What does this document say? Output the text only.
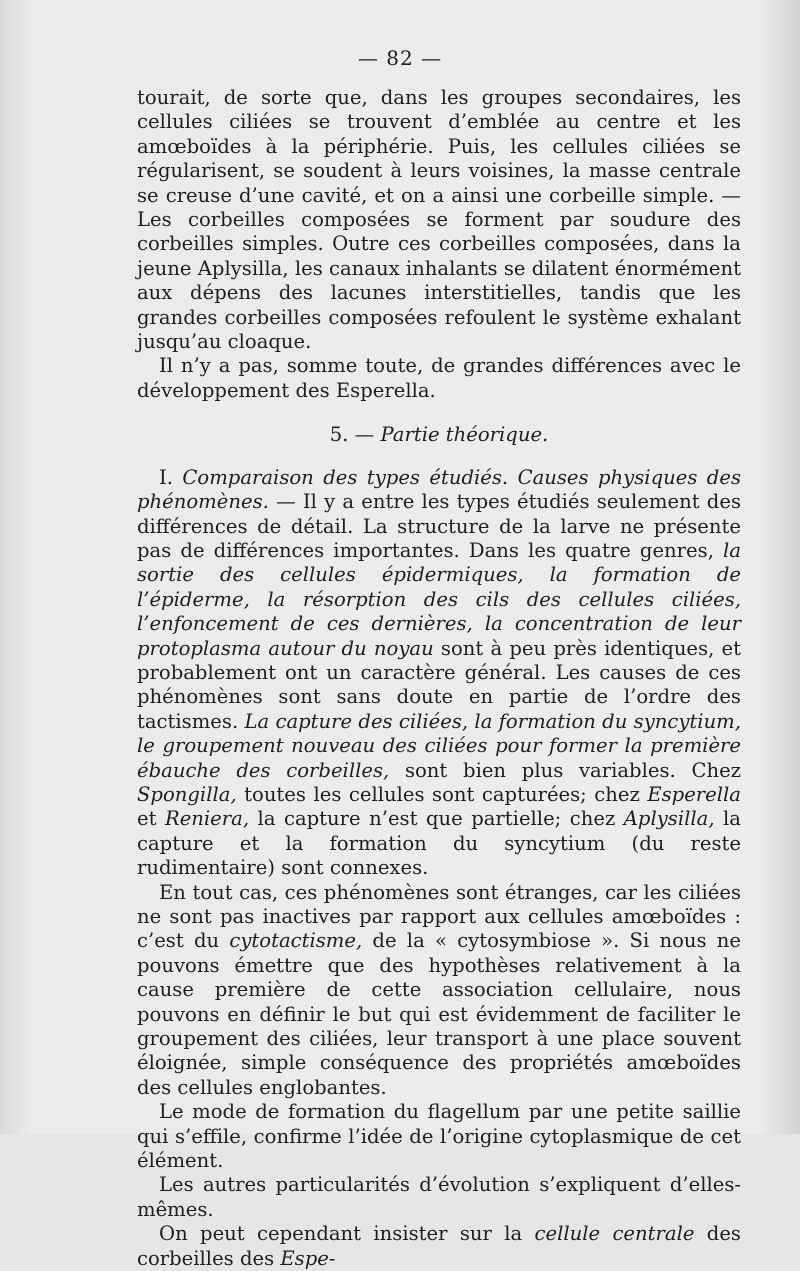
— 82 —

tourait, de sorte que, dans les groupes secondaires, les cellules ciliées se trouvent d’emblée au centre et les amœboïdes à la périphérie. Puis, les cellules ciliées se régularisent, se soudent à leurs voisines, la masse centrale se creuse d’une cavité, et on a ainsi une corbeille simple. — Les corbeilles composées se forment par soudure des corbeilles simples. Outre ces corbeilles composées, dans la jeune Aplysilla, les canaux inhalants se dilatent énormément aux dépens des lacunes interstitielles, tandis que les grandes corbeilles composées refoulent le système exhalant jusqu’au cloaque.

Il n’y a pas, somme toute, de grandes différences avec le développement des Esperella.

5. — Partie théorique.

I. Comparaison des types étudiés. Causes physiques des phénomènes. — Il y a entre les types étudiés seulement des différences de détail. La structure de la larve ne présente pas de différences importantes. Dans les quatre genres, la sortie des cellules épidermiques, la formation de l’épiderme, la résorption des cils des cellules ciliées, l’enfoncement de ces dernières, la concentration de leur protoplasma autour du noyau sont à peu près identiques, et probablement ont un caractère général. Les causes de ces phénomènes sont sans doute en partie de l’ordre des tactismes. La capture des ciliées, la formation du syncytium, le groupement nouveau des ciliées pour former la première ébauche des corbeilles, sont bien plus variables. Chez Spongilla, toutes les cellules sont capturées; chez Esperella et Reniera, la capture n’est que partielle; chez Aplysilla, la capture et la formation du syncytium (du reste rudimentaire) sont connexes.

En tout cas, ces phénomènes sont étranges, car les ciliées ne sont pas inactives par rapport aux cellules amœboïdes : c’est du cytotactisme, de la « cytosymbiose ». Si nous ne pouvons émettre que des hypothèses relativement à la cause première de cette association cellulaire, nous pouvons en définir le but qui est évidemment de faciliter le groupement des ciliées, leur transport à une place souvent éloignée, simple conséquence des propriétés amœboïdes des cellules englobantes.

Le mode de formation du flagellum par une petite saillie qui s’effile, confirme l’idée de l’origine cytoplasmique de cet élément.

Les autres particularités d’évolution s’expliquent d’elles-mêmes.

On peut cependant insister sur la cellule centrale des corbeilles des Espe-
